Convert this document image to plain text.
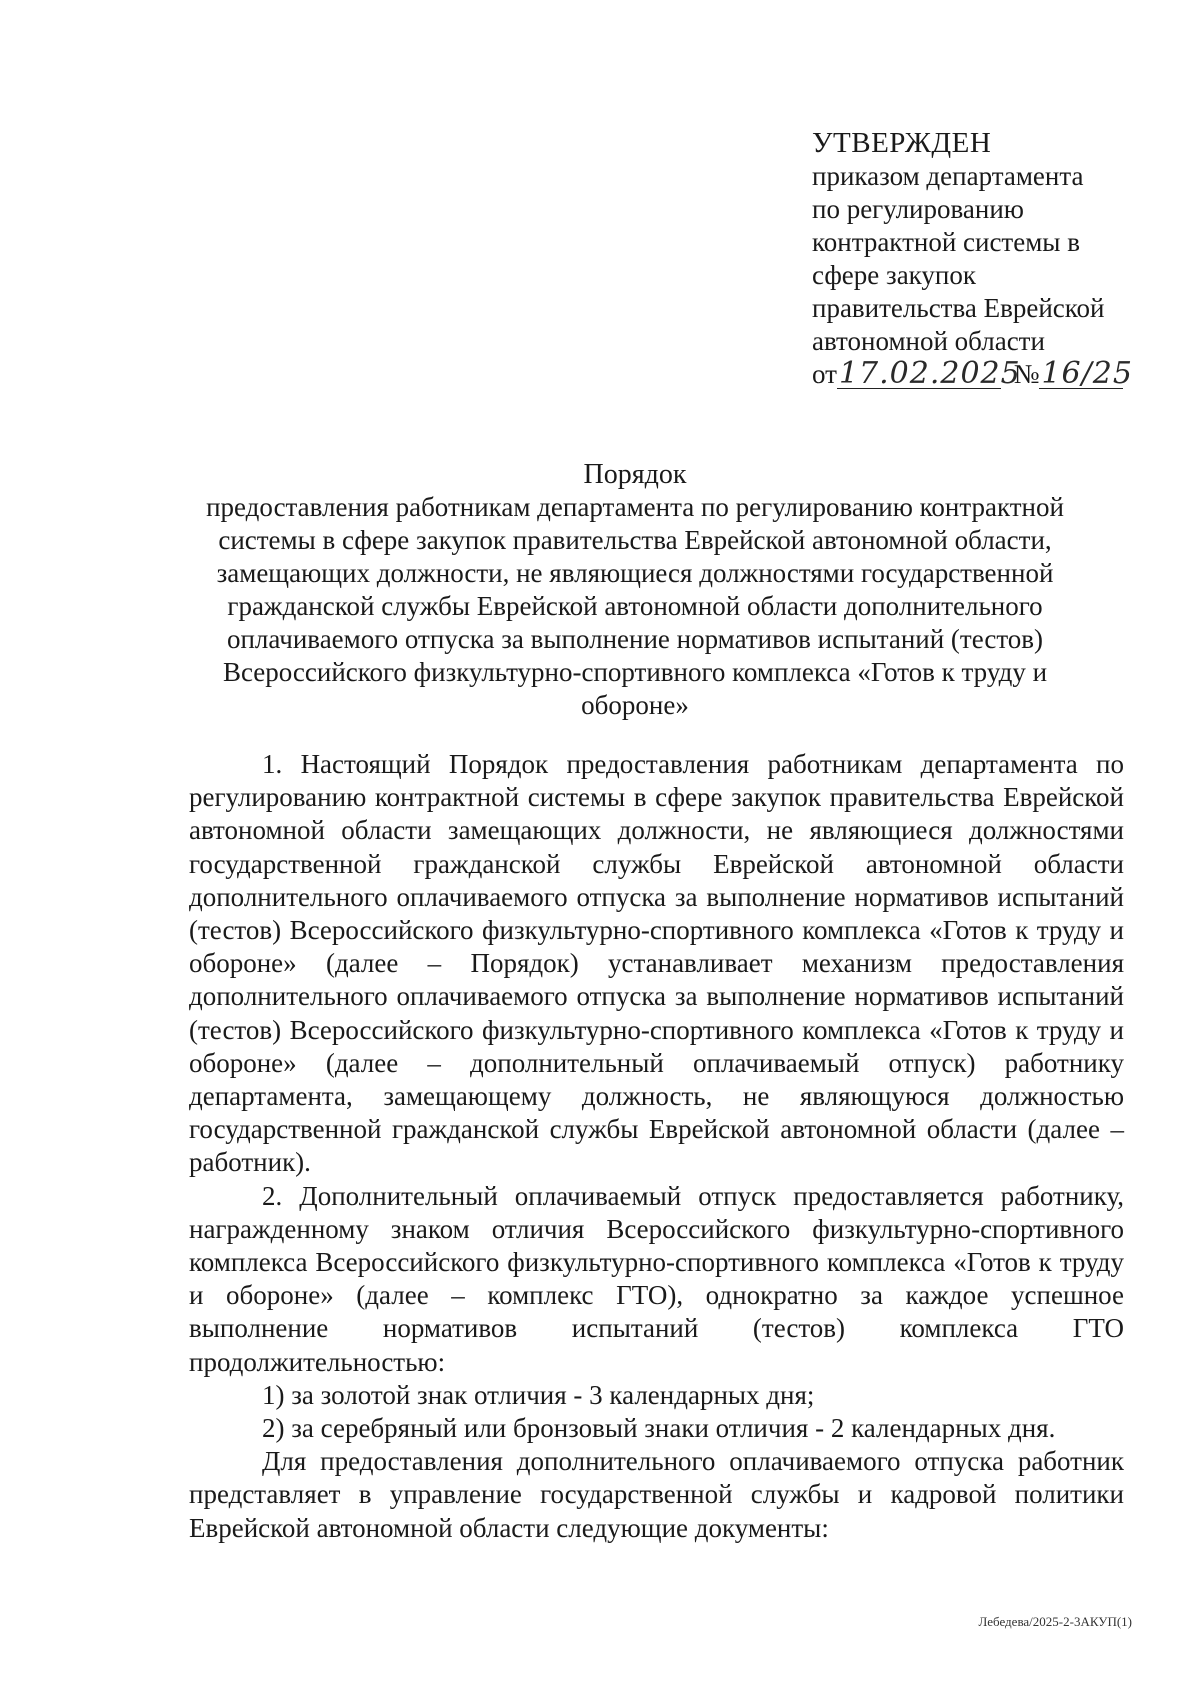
УТВЕРЖДЕН
приказом департамента
по регулированию
контрактной системы в
сфере закупок
правительства Еврейской
автономной области
от17.02.2025 №16/25
Порядок
предоставления работникам департамента по регулированию контрактной
системы в сфере закупок правительства Еврейской автономной области,
замещающих должности, не являющиеся должностями государственной
гражданской службы Еврейской автономной области дополнительного
оплачиваемого отпуска за выполнение нормативов испытаний (тестов)
Всероссийского физкультурно-спортивного комплекса «Готов к труду и
обороне»

1. Настоящий Порядок предоставления работникам департамента по регулированию контрактной системы в сфере закупок правительства Еврейской автономной области замещающих должности, не являющиеся должностями государственной гражданской службы Еврейской автономной области дополнительного оплачиваемого отпуска за выполнение нормативов испытаний (тестов) Всероссийского физкультурно-спортивного комплекса «Готов к труду и обороне» (далее – Порядок) устанавливает механизм предоставления дополнительного оплачиваемого отпуска за выполнение нормативов испытаний (тестов) Всероссийского физкультурно-спортивного комплекса «Готов к труду и обороне» (далее – дополнительный оплачиваемый отпуск) работнику департамента, замещающему должность, не являющуюся должностью государственной гражданской службы Еврейской автономной области (далее – работник).

2. Дополнительный оплачиваемый отпуск предоставляется работнику, награжденному знаком отличия Всероссийского физкультурно-спортивного комплекса Всероссийского физкультурно-спортивного комплекса «Готов к труду и обороне» (далее – комплекс ГТО), однократно за каждое успешное выполнение нормативов испытаний (тестов) комплекса ГТО продолжительностью:

1) за золотой знак отличия - 3 календарных дня;

2) за серебряный или бронзовый знаки отличия - 2 календарных дня.

Для предоставления дополнительного оплачиваемого отпуска работник представляет в управление государственной службы и кадровой политики Еврейской автономной области следующие документы:

Лебедева/2025-2-3АКУП(1)
